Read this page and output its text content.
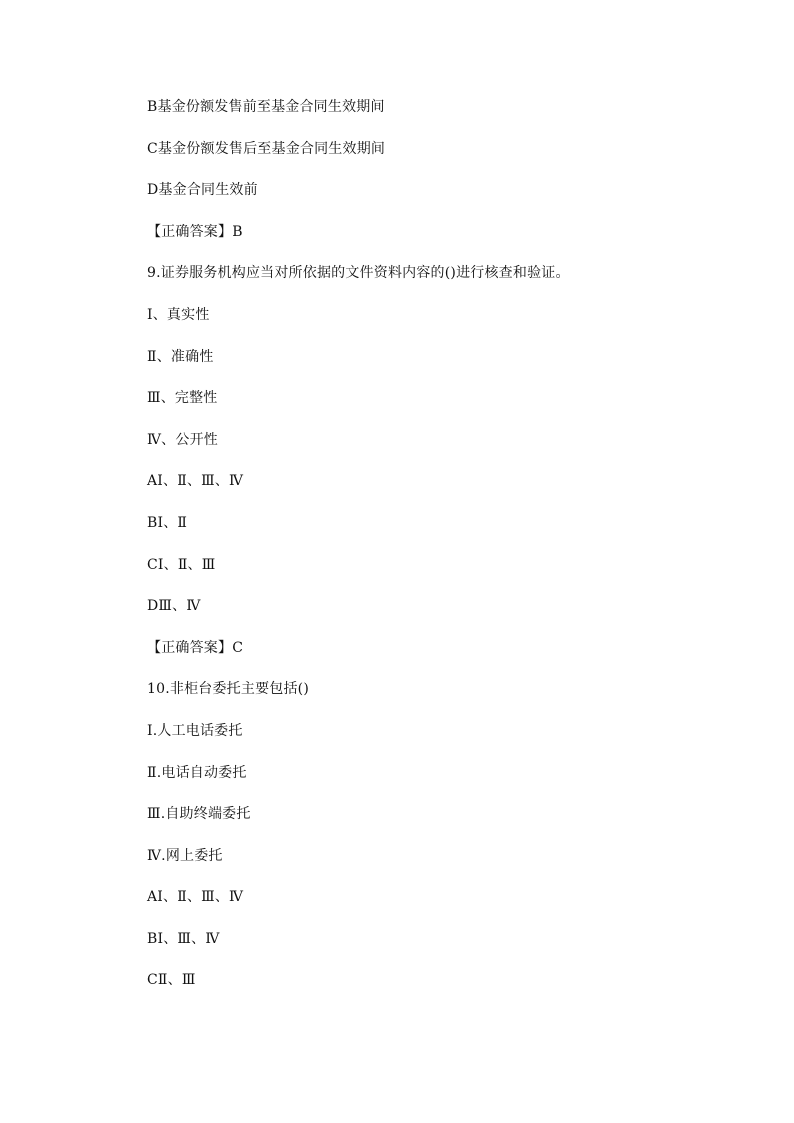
B基金份额发售前至基金合同生效期间
C基金份额发售后至基金合同生效期间
D基金合同生效前
【正确答案】B
9.证券服务机构应当对所依据的文件资料内容的()进行核查和验证。
Ⅰ、真实性
Ⅱ、准确性
Ⅲ、完整性
Ⅳ、公开性
AⅠ、Ⅱ、Ⅲ、Ⅳ
BⅠ、Ⅱ
CⅠ、Ⅱ、Ⅲ
DⅢ、Ⅳ
【正确答案】C
10.非柜台委托主要包括()
Ⅰ.人工电话委托
Ⅱ.电话自动委托
Ⅲ.自助终端委托
Ⅳ.网上委托
AⅠ、Ⅱ、Ⅲ、Ⅳ
BⅠ、Ⅲ、Ⅳ
CⅡ、Ⅲ
